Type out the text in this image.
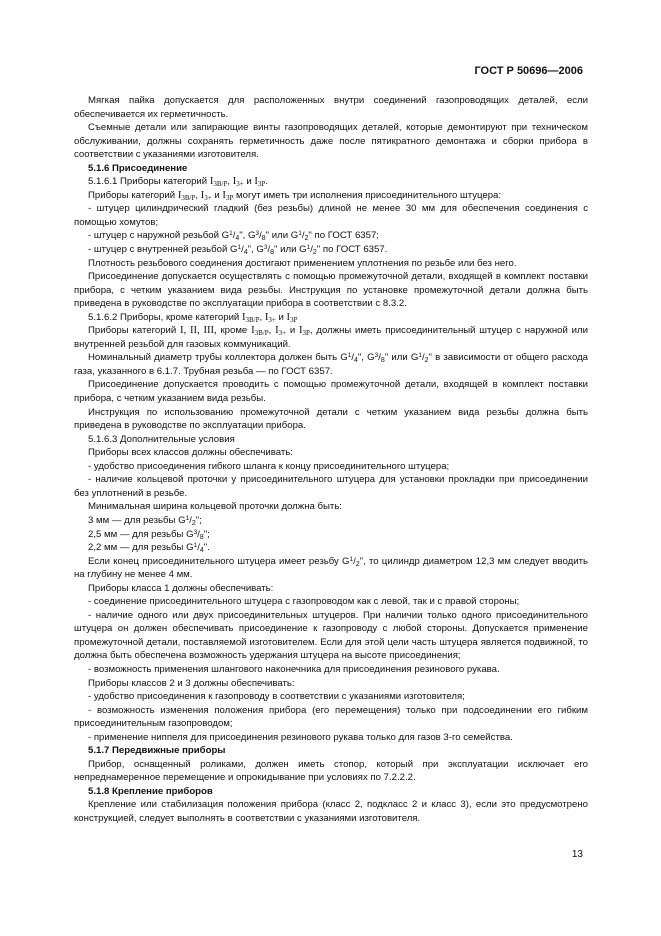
ГОСТ Р 50696—2006

Мягкая пайка допускается для расположенных внутри соединений газопроводящих деталей, если обеспечивается их герметичность.

Съемные детали или запирающие винты газопроводящих деталей, которые демонтируют при техническом обслуживании, должны сохранять герметичность даже после пятикратного демонтажа и сборки прибора в соответствии с указаниями изготовителя.

5.1.6 Присоединение

5.1.6.1 Приборы категорий $I_{3B/P}$, $I_{3+}$ и $I_{3P}$.

Приборы категорий $I_{3B/P}$, $I_{3+}$ и $I_{3P}$ могут иметь три исполнения присоединительного штуцера:

- штуцер цилиндрический гладкий (без резьбы) длиной не менее 30 мм для обеспечения соединения с помощью хомутов;

- штуцер с наружной резьбой $G^1/_4$", $G^3/_8$" или $G^1/_2$" по ГОСТ 6357;

- штуцер с внутренней резьбой $G^1/_4$", $G^3/_8$" или $G^1/_2$" по ГОСТ 6357.

Плотность резьбового соединения достигают применением уплотнения по резьбе или без него.

Присоединение допускается осуществлять с помощью промежуточной детали, входящей в комплект поставки прибора, с четким указанием вида резьбы. Инструкция по установке промежуточной детали должна быть приведена в руководстве по эксплуатации прибора в соответствии с 8.3.2.

5.1.6.2 Приборы, кроме категорий $I_{3B/P}$, $I_{3+}$ и $I_{3P}$

Приборы категорий I, II, III, кроме $I_{3B/P}$, $I_{3+}$ и $I_{3P}$, должны иметь присоединительный штуцер с наружной или внутренней резьбой для газовых коммуникаций.

Номинальный диаметр трубы коллектора должен быть $G^1/_4$", $G^3/_8$" или $G^1/_2$" в зависимости от общего расхода газа, указанного в 6.1.7. Трубная резьба — по ГОСТ 6357.

Присоединение допускается проводить с помощью промежуточной детали, входящей в комплект поставки прибора, с четким указанием вида резьбы.

Инструкция по использованию промежуточной детали с четким указанием вида резьбы должна быть приведена в руководстве по эксплуатации прибора.

5.1.6.3 Дополнительные условия

Приборы всех классов должны обеспечивать:

- удобство присоединения гибкого шланга к концу присоединительного штуцера;

- наличие кольцевой проточки у присоединительного штуцера для установки прокладки при присоединении без уплотнений в резьбе.

Минимальная ширина кольцевой проточки должна быть:

3 мм — для резьбы $G^1/_2$";

2,5 мм — для резьбы $G^3/_8$";

2,2 мм — для резьбы $G^1/_4$".

Если конец присоединительного штуцера имеет резьбу $G^1/_2$", то цилиндр диаметром 12,3 мм следует вводить на глубину не менее 4 мм.

Приборы класса 1 должны обеспечивать:

- соединение присоединительного штуцера с газопроводом как с левой, так и с правой стороны;

- наличие одного или двух присоединительных штуцеров. При наличии только одного присоединительного штуцера он должен обеспечивать присоединение к газопроводу с любой стороны. Допускается применение промежуточной детали, поставляемой изготовителем. Если для этой цели часть штуцера является подвижной, то должна быть обеспечена возможность удержания штуцера на высоте присоединения;

- возможность применения шлангового наконечника для присоединения резинового рукава.

Приборы классов 2 и 3 должны обеспечивать:

- удобство присоединения к газопроводу в соответствии с указаниями изготовителя;

- возможность изменения положения прибора (его перемещения) только при подсоединении его гибким присоединительным газопроводом;

- применение ниппеля для присоединения резинового рукава только для газов 3-го семейства.

5.1.7 Передвижные приборы

Прибор, оснащенный роликами, должен иметь стопор, который при эксплуатации исключает его непреднамеренное перемещение и опрокидывание при условиях по 7.2.2.2.

5.1.8 Крепление приборов

Крепление или стабилизация положения прибора (класс 2, подкласс 2 и класс 3), если это предусмотрено конструкцией, следует выполнять в соответствии с указаниями изготовителя.

13
